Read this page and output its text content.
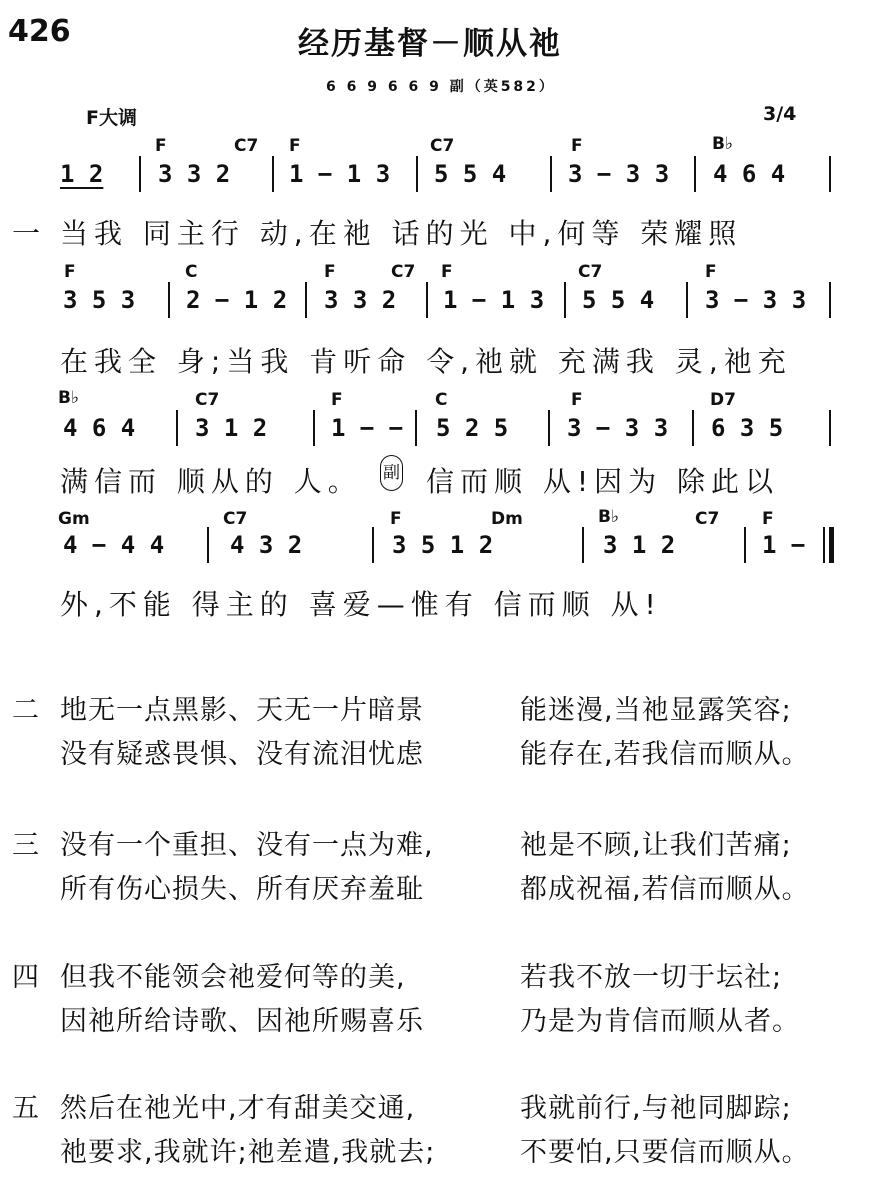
426	经历基督－顺从祂
6 6 9 6 6 9 副（英582）
F大调	3/4
F	C7 F	C7	F	B♭
1 2 3 3 2 1 − 1 3 5 5 4	3 − 3 3 4 6 4
一 当我 同主行 动,在祂 话的光 中,何等 荣耀照
F	C	F	C7 F	C7	F
3 5 3 2 − 1 2 3 3 2 1 − 1 3 5 5 4 3 − 3 3
在我全 身;当我 肯听命 令,祂就 充满我 灵,祂充
B♭	C7	F	C	F	D7
4 6 4 3 1 2	1 − − 5 2 5 3 − 3 3 6 3 5
满信而 顺从的 人。 副 信而顺 从!因为 除此以
Gm	C7	F	Dm	B♭	C7	F
4 − 4 4	4 3 2	3 5 1 2	3 1 2	1 −
外,不能 得主的 喜爱—惟有 信而顺 从!
二 地无一点黑影、天无一片暗景	能迷漫,当祂显露笑容;
没有疑惑畏惧、没有流泪忧虑	能存在,若我信而顺从。
三 没有一个重担、没有一点为难,	祂是不顾,让我们苦痛;
所有伤心损失、所有厌弃羞耻	都成祝福,若信而顺从。
四 但我不能领会祂爱何等的美,	若我不放一切于坛社;
因祂所给诗歌、因祂所赐喜乐	乃是为肯信而顺从者。
五 然后在祂光中,才有甜美交通,	我就前行,与祂同脚踪;
祂要求,我就许;祂差遣,我就去;	不要怕,只要信而顺从。
